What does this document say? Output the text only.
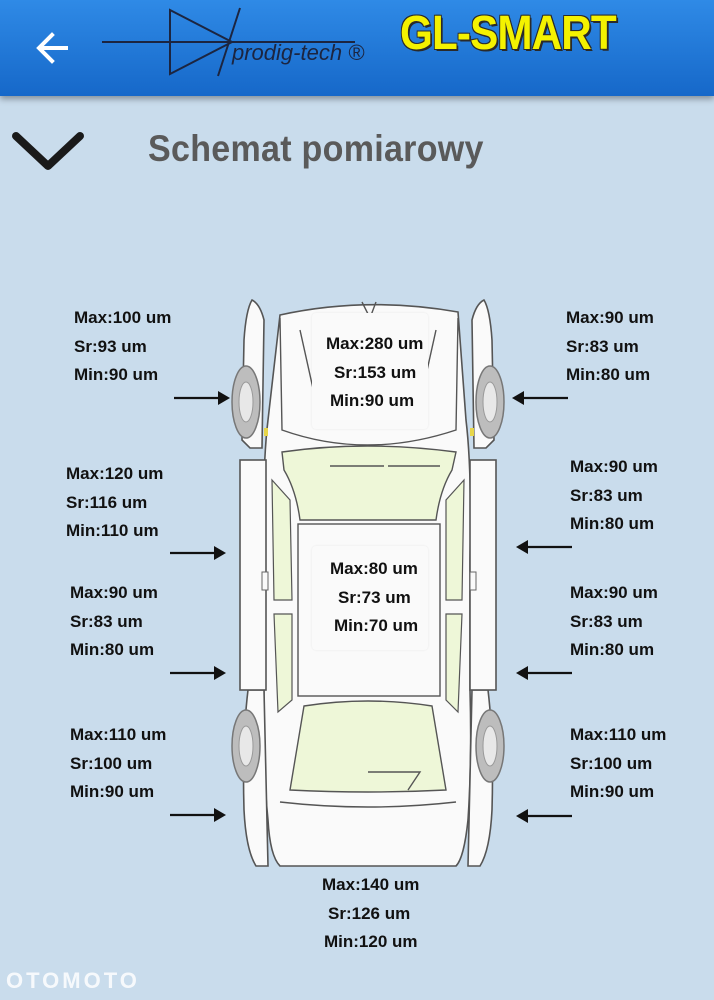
prodig-tech ® GL-SMART
Schemat pomiarowy
Max:280 um
Sr:153 um
Min:90 um
Max:80 um
Sr:73 um
Min:70 um
Max:100 um
Sr:93 um
Min:90 um
Max:120 um
Sr:116 um
Min:110 um
Max:90 um
Sr:83 um
Min:80 um
Max:110 um
Sr:100 um
Min:90 um
Max:90 um
Sr:83 um
Min:80 um
Max:90 um
Sr:83 um
Min:80 um
Max:90 um
Sr:83 um
Min:80 um
Max:110 um
Sr:100 um
Min:90 um
Max:140 um
Sr:126 um
Min:120 um
OTOMOTO
